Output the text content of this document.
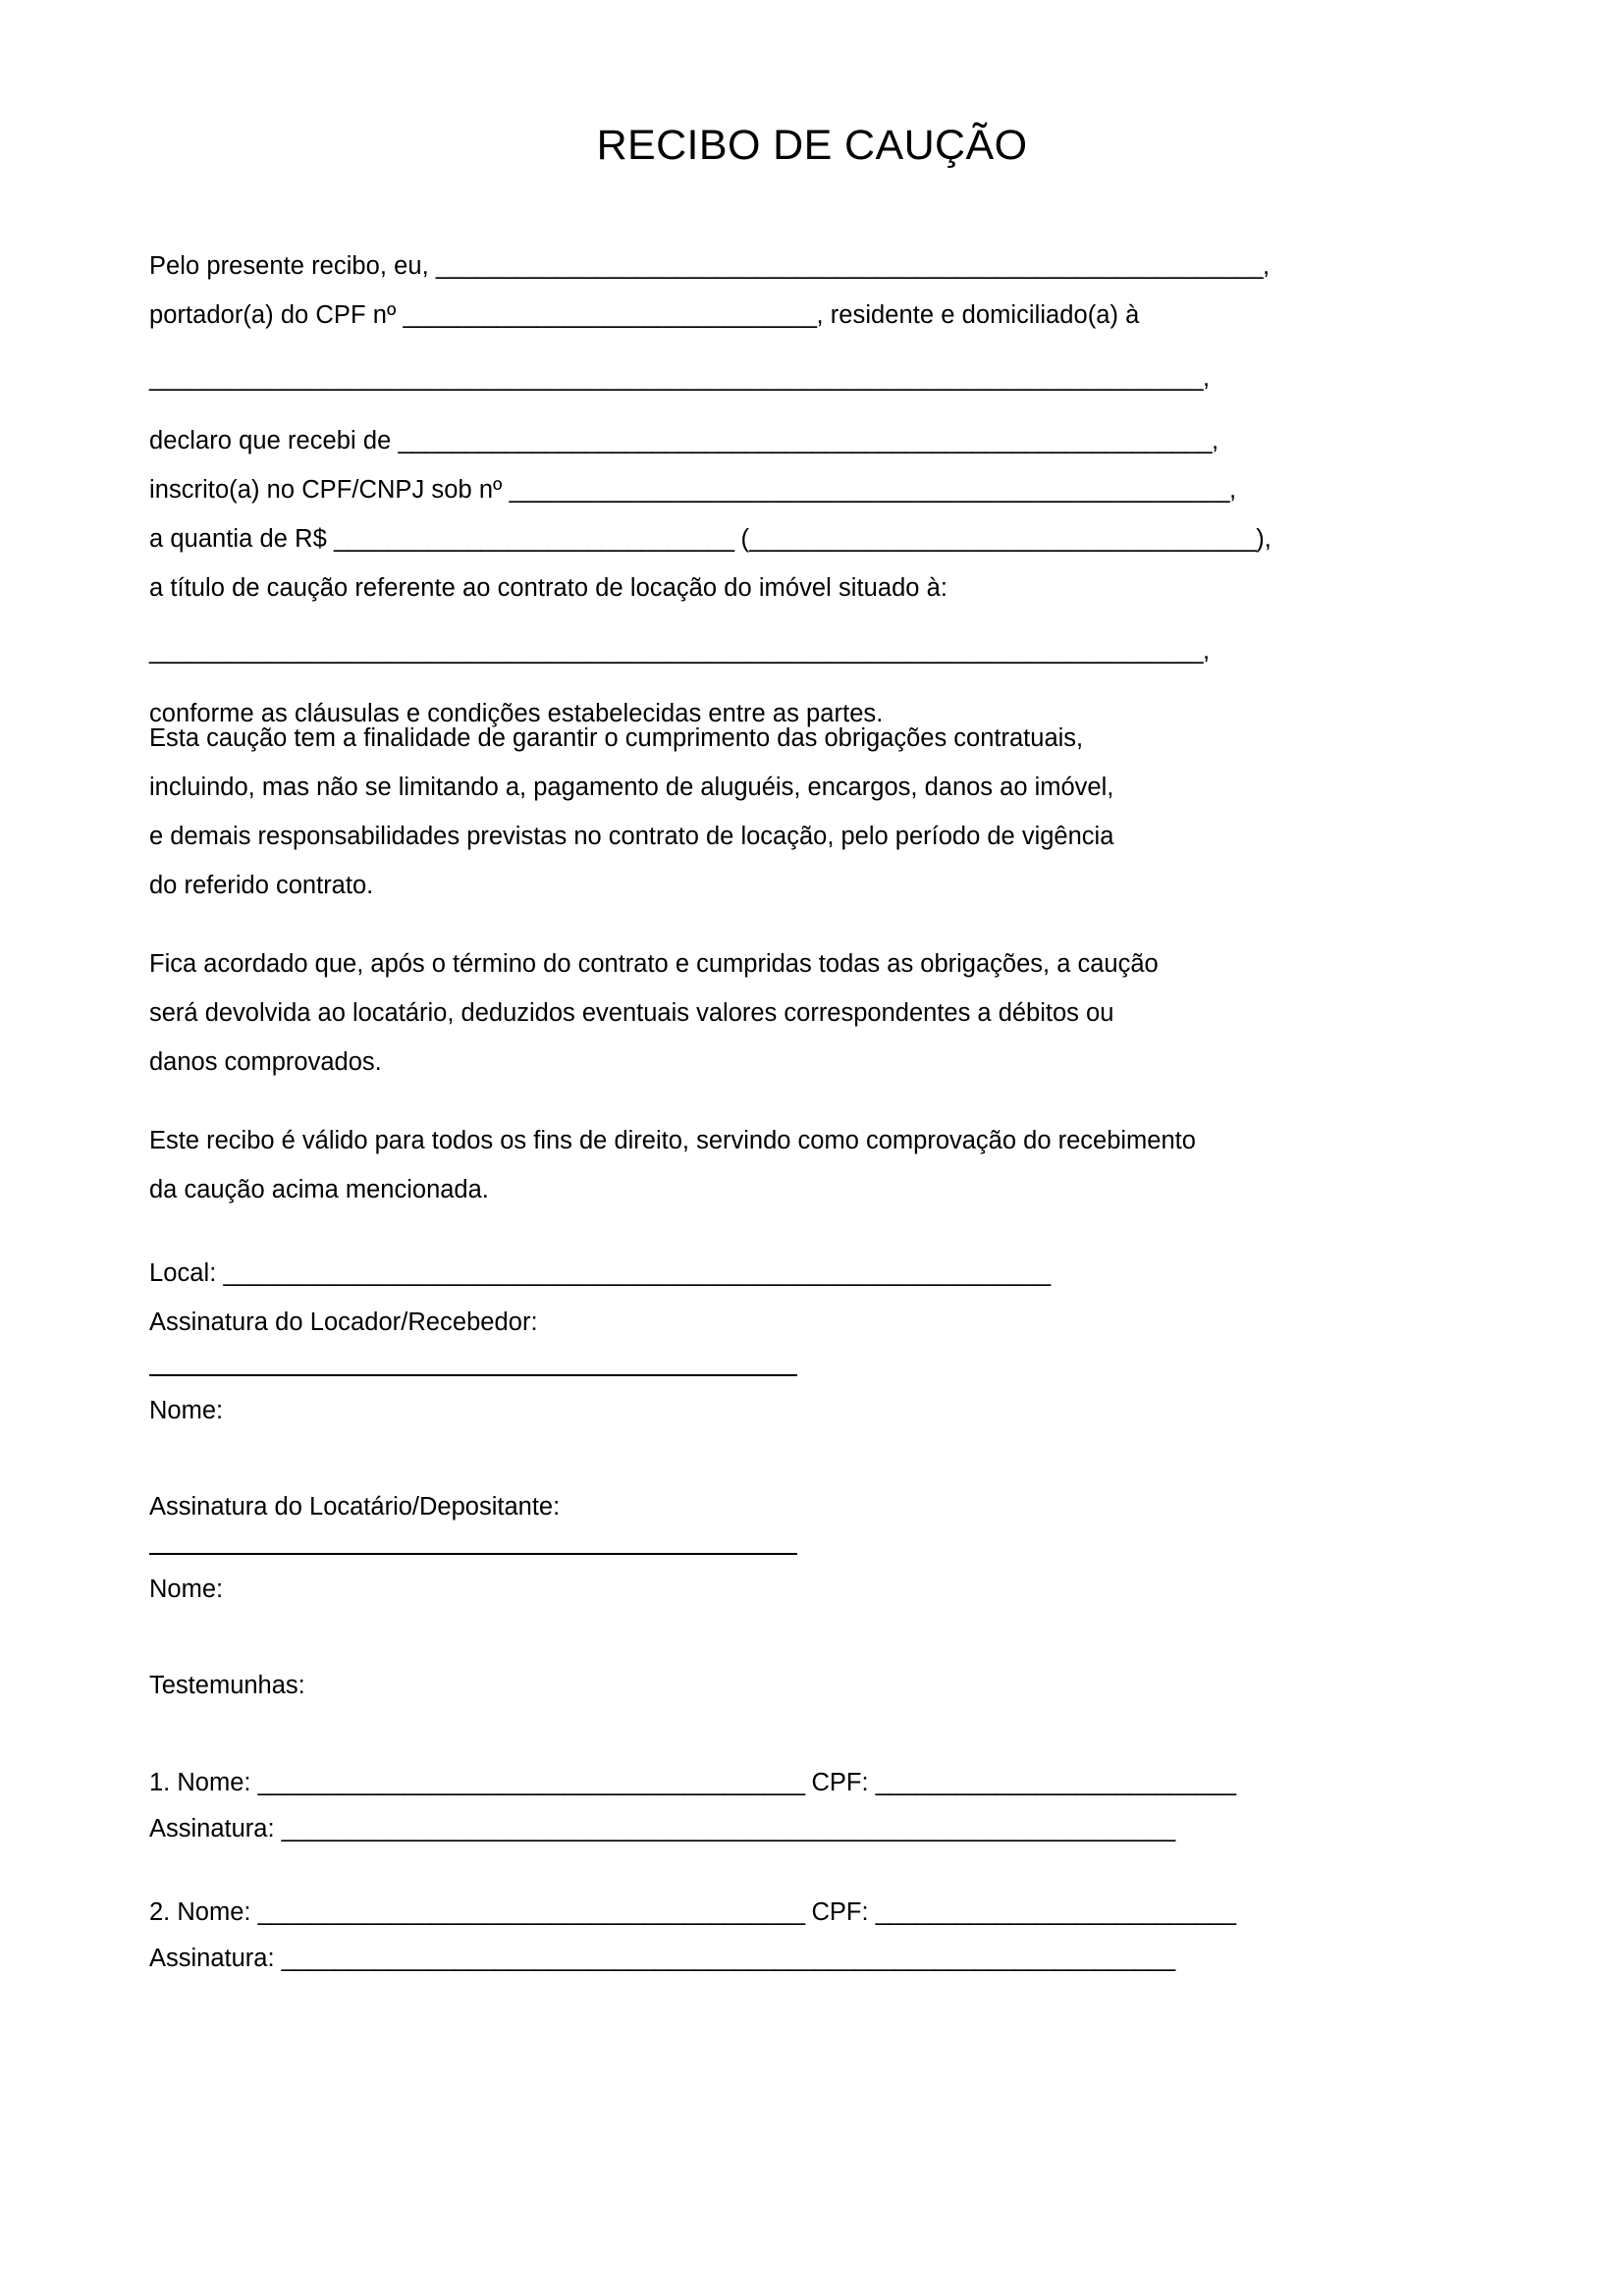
RECIBO DE CAUÇÃO
Pelo presente recibo, eu, ______________________________________________________________,
portador(a) do CPF nº _______________________________, residente e domiciliado(a) à
_______________________________________________________________________________,
declaro que recebi de _____________________________________________________________,
inscrito(a) no CPF/CNPJ sob nº ______________________________________________________,
a quantia de R$ ______________________________ (______________________________________),
a título de caução referente ao contrato de locação do imóvel situado à:
_______________________________________________________________________________,
conforme as cláusulas e condições estabelecidas entre as partes.
Esta caução tem a finalidade de garantir o cumprimento das obrigações contratuais,
incluindo, mas não se limitando a, pagamento de aluguéis, encargos, danos ao imóvel,
e demais responsabilidades previstas no contrato de locação, pelo período de vigência
do referido contrato.
Fica acordado que, após o término do contrato e cumpridas todas as obrigações, a caução
será devolvida ao locatário, deduzidos eventuais valores correspondentes a débitos ou
danos comprovados.
Este recibo é válido para todos os fins de direito, servindo como comprovação do recebimento
da caução acima mencionada.
Local: ______________________________________________________________
Assinatura do Locador/Recebedor:
Nome:
Assinatura do Locatário/Depositante:
Nome:
Testemunhas:
1. Nome: _________________________________________ CPF: ___________________________
Assinatura: ___________________________________________________________________
2. Nome: _________________________________________ CPF: ___________________________
Assinatura: ___________________________________________________________________
